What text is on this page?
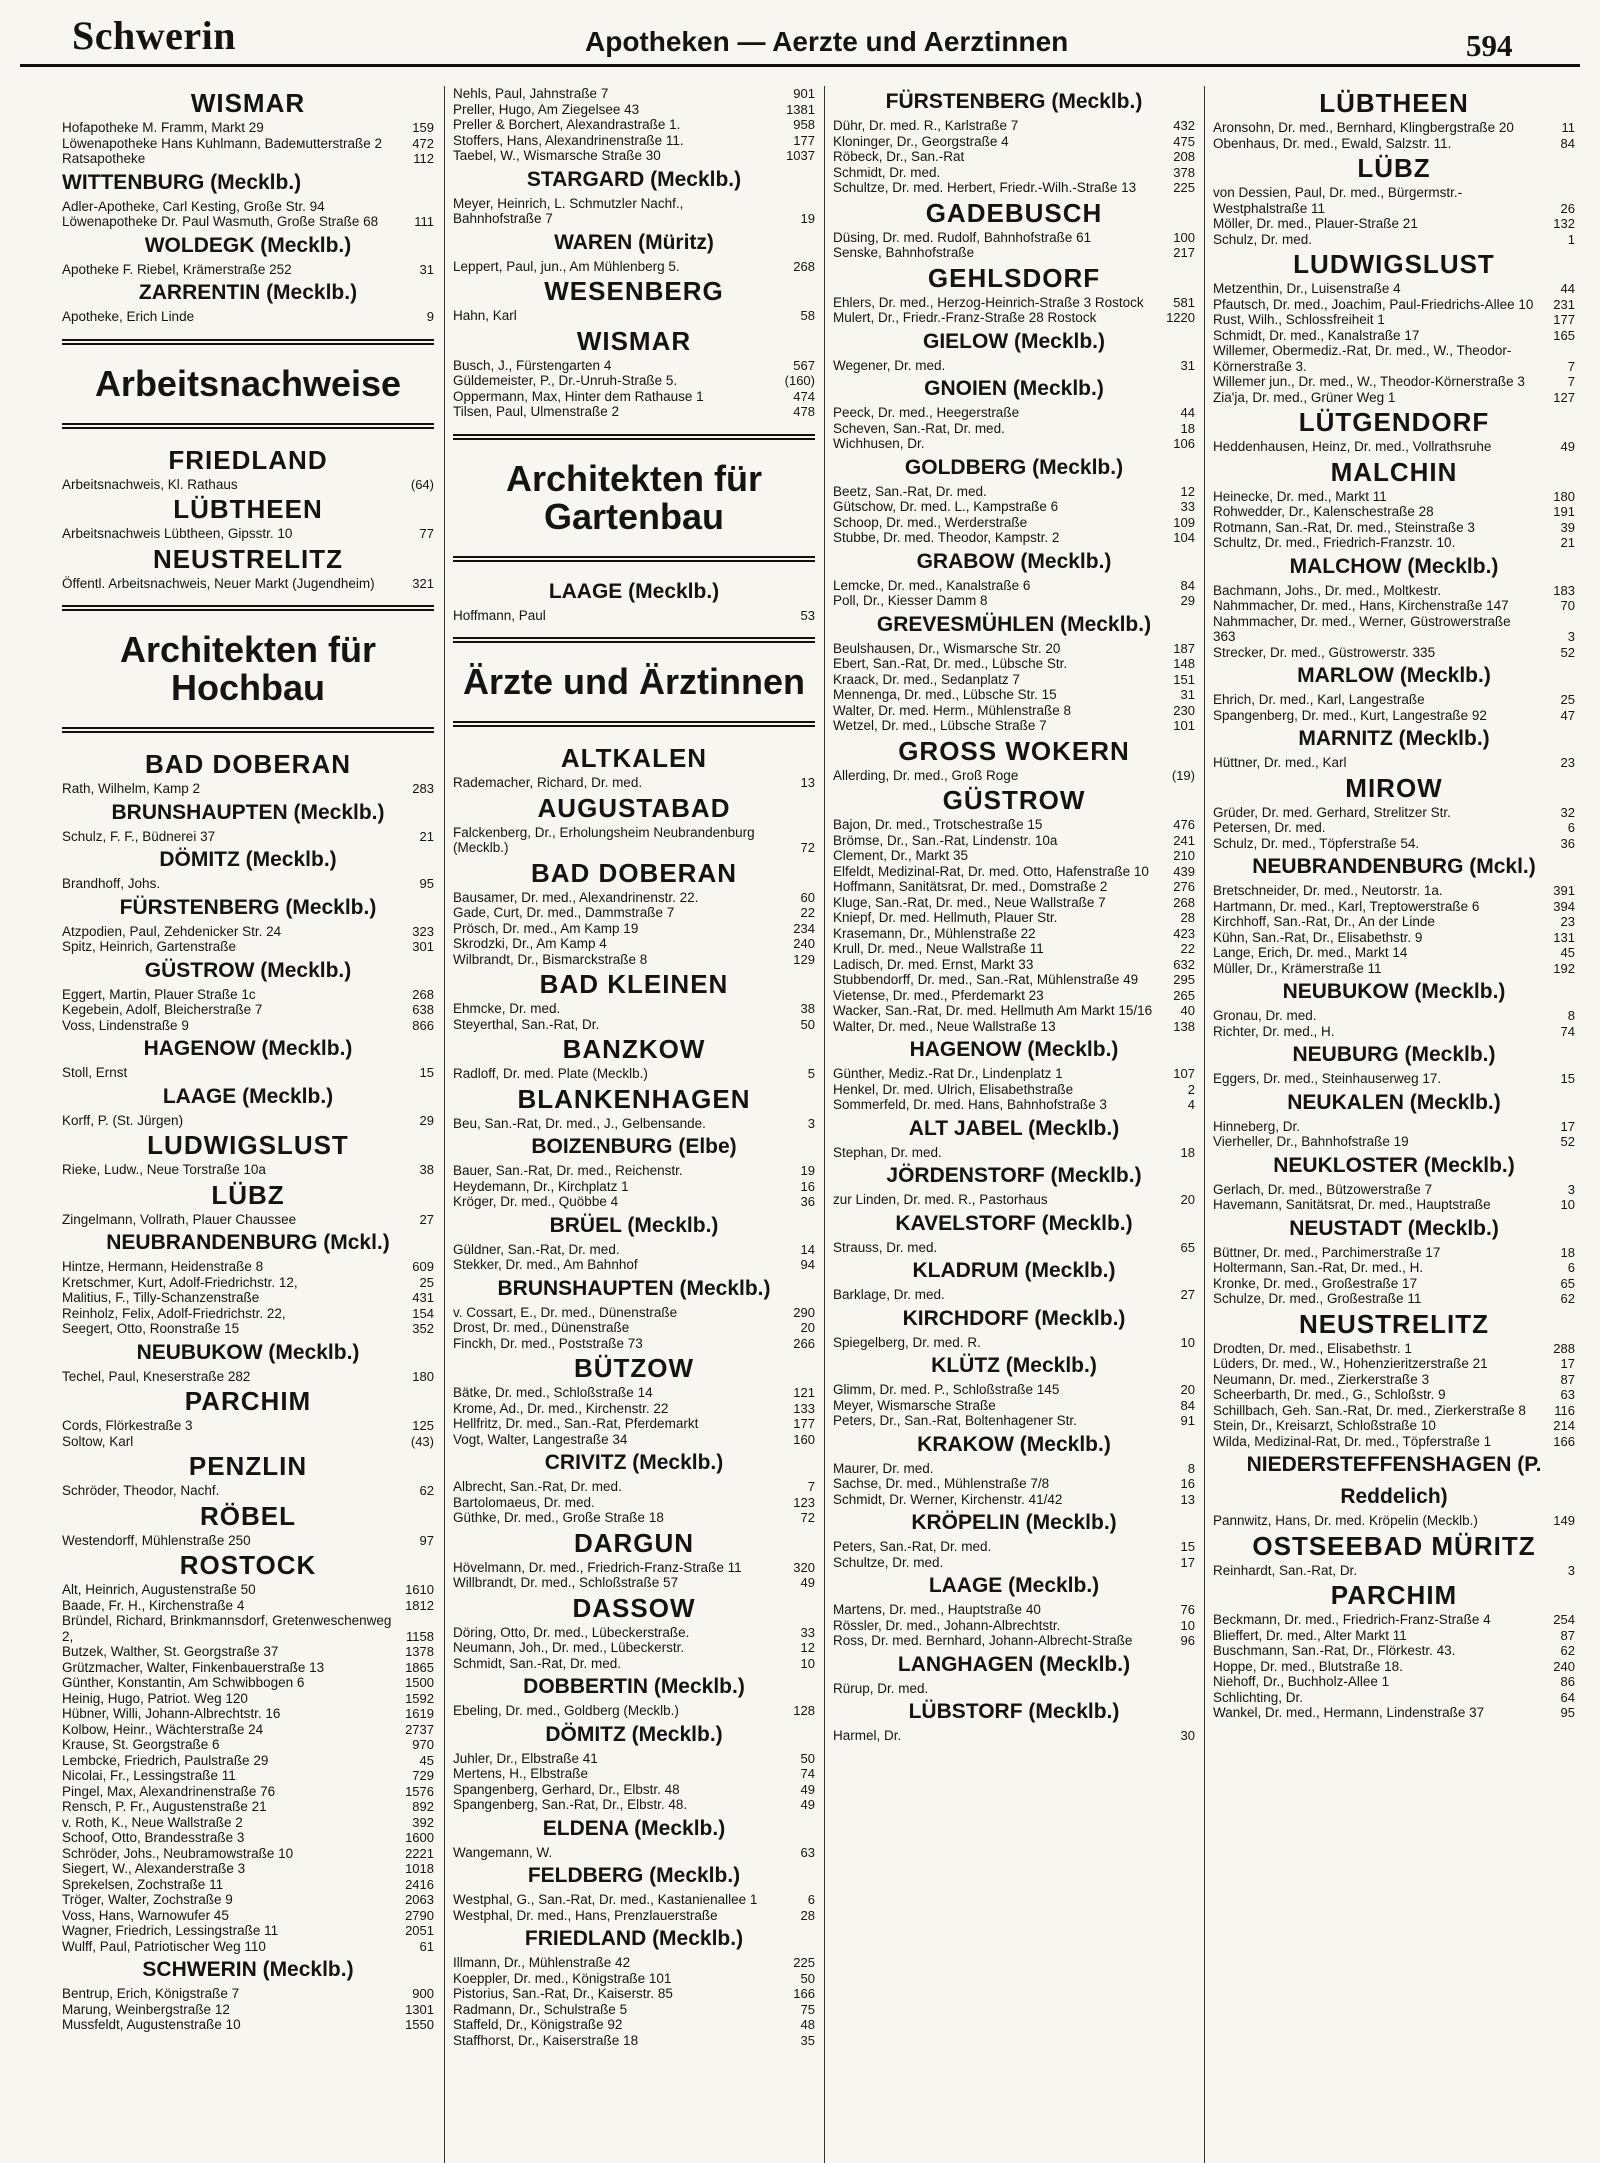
Schwerin	Apotheken — Aerzte und Aerztinnen	594
WISMAR
Hofapotheke M. Framm, Markt 29	159
Löwenapotheke Hans Kuhlmann, Badeмutterstraße 2 472
Ratsapotheke	112
WITTENBURG (Mecklb.)
Adler-Apotheke, Carl Kesting, Große Str. 94
Löwenapotheke Dr. Paul Wasmuth, Große Straße 68	111
WOLDEGK (Mecklb.)
Apotheke F. Riebel, Krämerstraße 252	31
ZARRENTIN (Mecklb.)
Apotheke, Erich Linde	9
Arbeitsnachweise
FRIEDLAND
Arbeitsnachweis, Kl. Rathaus	(64)
LÜBTHEEN
Arbeitsnachweis Lübtheen, Gipsstr. 10	77
NEUSTRELITZ
Öffentl. Arbeitsnachweis, Neuer Markt (Jugendheim)	321
Architekten für Hochbau
BAD DOBERAN
Rath, Wilhelm, Kamp 2	283
BRUNSHAUPTEN (Mecklb.)
Schulz, F. F., Büdnerei 37	21
DÖMITZ (Mecklb.)
Brandhoff, Johs.	95
FÜRSTENBERG (Mecklb.)
Atzpodien, Paul, Zehdenicker Str. 24	323
Spitz, Heinrich, Gartenstraße	301
GÜSTROW (Mecklb.)
Eggert, Martin, Plauer Straße 1c	268
Kegebein, Adolf, Bleicherstraße 7	638
Voss, Lindenstraße 9	866
HAGENOW (Mecklb.)
Stoll, Ernst	15
LAAGE (Mecklb.)
Korff, P. (St. Jürgen)	29
LUDWIGSLUST
Rieke, Ludw., Neue Torstraße 10a	38
LÜBZ
Zingelmann, Vollrath, Plauer Chaussee	27
NEUBRANDENBURG (Mckl.)
Hintze, Hermann, Heidenstraße 8	609
Kretschmer, Kurt, Adolf-Friedrichstr. 12,	25
Malitius, F., Tilly-Schanzenstraße	431
Reinholz, Felix, Adolf-Friedrichstr. 22,	154
Seegert, Otto, Roonstraße 15	352
NEUBUKOW (Mecklb.)
Techel, Paul, Kneserstraße 282	180
PARCHIM
Cords, Flörkestraße 3	125
Soltow, Karl	(43)
PENZLIN
Schröder, Theodor, Nachf.	62
RÖBEL
Westendorff, Mühlenstraße 250	97
ROSTOCK
Alt, Heinrich, Augustenstraße 50	1610
Baade, Fr. H., Kirchenstraße 4	1812
Bründel, Richard, Brinkmannsdorf, Gretenweschenweg 2,	1158
Butzek, Walther, St. Georgstraße 37	1378
Grützmacher, Walter, Finkenbauerstraße 13	1865
Günther, Konstantin, Am Schwibbogen 6	1500
Heinig, Hugo, Patriot. Weg 120	1592
Hübner, Willi, Johann-Albrechtstr. 16	1619
Kolbow, Heinr., Wächterstraße 24	2737
Krause, St. Georgstraße 6	970
Lembcke, Friedrich, Paulstraße 29	45
Nicolai, Fr., Lessingstraße 11	729
Pingel, Max, Alexandrinenstraße 76	1576
Rensch, P. Fr., Augustenstraße 21	892
v. Roth, K., Neue Wallstraße 2	392
Schoof, Otto, Brandesstraße 3	1600
Schröder, Johs., Neubramowstraße 10	2221
Siegert, W., Alexanderstraße 3	1018
Sprekelsen, Zochstraße 11	2416
Tröger, Walter, Zochstraße 9	2063
Voss, Hans, Warnowufer 45	2790
Wagner, Friedrich, Lessingstraße 11	2051
Wulff, Paul, Patriotischer Weg 110	61
SCHWERIN (Mecklb.)
Bentrup, Erich, Königstraße 7	900
Marung, Weinbergstraße 12	1301
Mussfeldt, Augustenstraße 10	1550
Nehls, Paul, Jahnstraße 7	901
Preller, Hugo, Am Ziegelsee 43	1381
Preller & Borchert, Alexandrastraße 1.	958
Stoffers, Hans, Alexandrinenstraße 11.	177
Taebel, W., Wismarsche Straße 30	1037
STARGARD (Mecklb.)
Meyer, Heinrich, L. Schmutzler Nachf., Bahnhofstraße 7	19
WAREN (Müritz)
Leppert, Paul, jun., Am Mühlenberg 5.	268
WESENBERG
Hahn, Karl	58
WISMAR
Busch, J., Fürstengarten 4	567
Güldemeister, P., Dr.-Unruh-Straße 5.	(160)
Oppermann, Max, Hinter dem Rathause 1	474
Tilsen, Paul, Ulmenstraße 2	478
Architekten für Gartenbau
LAAGE (Mecklb.)
Hoffmann, Paul	53
Ärzte und Ärztinnen
ALTKALEN
Rademacher, Richard, Dr. med.	13
AUGUSTABAD
Falckenberg, Dr., Erholungsheim Neubrandenburg (Mecklb.)	72
BAD DOBERAN
Bausamer, Dr. med., Alexandrinenstr. 22.	60
Gade, Curt, Dr. med., Dammstraße 7	22
Prösch, Dr. med., Am Kamp 19	234
Skrodzki, Dr., Am Kamp 4	240
Wilbrandt, Dr., Bismarckstraße 8	129
BAD KLEINEN
Ehmcke, Dr. med.	38
Steyerthal, San.-Rat, Dr.	50
BANZKOW
Radloff, Dr. med. Plate (Mecklb.)	5
BLANKENHAGEN
Beu, San.-Rat, Dr. med., J., Gelbensande.	3
BOIZENBURG (Elbe)
Bauer, San.-Rat, Dr. med., Reichenstr.	19
Heydemann, Dr., Kirchplatz 1	16
Kröger, Dr. med., Quöbbe 4	36
BRÜEL (Mecklb.)
Güldner, San.-Rat, Dr. med.	14
Stekker, Dr. med., Am Bahnhof	94
BRUNSHAUPTEN (Mecklb.)
v. Cossart, E., Dr. med., Dünenstraße	290
Drost, Dr. med., Dünenstraße	20
Finckh, Dr. med., Poststraße 73	266
BÜTZOW
Bätke, Dr. med., Schloßstraße 14	121
Krome, Ad., Dr. med., Kirchenstr. 22	133
Hellfritz, Dr. med., San.-Rat, Pferdemarkt	177
Vogt, Walter, Langestraße 34	160
CRIVITZ (Mecklb.)
Albrecht, San.-Rat, Dr. med.	7
Bartolomaeus, Dr. med.	123
Güthke, Dr. med., Große Straße 18	72
DARGUN
Hövelmann, Dr. med., Friedrich-Franz-Straße 11	320
Willbrandt, Dr. med., Schloßstraße 57	49
DASSOW
Döring, Otto, Dr. med., Lübeckerstraße.	33
Neumann, Joh., Dr. med., Lübeckerstr.	12
Schmidt, San.-Rat, Dr. med.	10
DOBBERTIN (Mecklb.)
Ebeling, Dr. med., Goldberg (Mecklb.)	128
DÖMITZ (Mecklb.)
Juhler, Dr., Elbstraße 41	50
Mertens, H., Elbstraße	74
Spangenberg, Gerhard, Dr., Elbstr. 48	49
Spangenberg, San.-Rat, Dr., Elbstr. 48.	49
ELDENA (Mecklb.)
Wangemann, W.	63
FELDBERG (Mecklb.)
Westphal, G., San.-Rat, Dr. med., Kastanienallee 1	6
Westphal, Dr. med., Hans, Prenzlauerstraße	28
FRIEDLAND (Mecklb.)
Illmann, Dr., Mühlenstraße 42	225
Koeppler, Dr. med., Königstraße 101	50
Pistorius, San.-Rat, Dr., Kaiserstr. 85	166
Radmann, Dr., Schulstraße 5	75
Staffeld, Dr., Königstraße 92	48
Staffhorst, Dr., Kaiserstraße 18	35
FÜRSTENBERG (Mecklb.)
Dühr, Dr. med. R., Karlstraße 7	432
Kloninger, Dr., Georgstraße 4	475
Röbeck, Dr., San.-Rat	208
Schmidt, Dr. med.	378
Schultze, Dr. med. Herbert, Friedr.-Wilh.-Straße 13	225
GADEBUSCH
Düsing, Dr. med. Rudolf, Bahnhofstraße 61	100
Senske, Bahnhofstraße	217
GEHLSDORF
Ehlers, Dr. med., Herzog-Heinrich-Straße 3 Rostock 581
Mulert, Dr., Friedr.-Franz-Straße 28 Rostock	1220
GIELOW (Mecklb.)
Wegener, Dr. med.	31
GNOIEN (Mecklb.)
Peeck, Dr. med., Heegerstraße	44
Scheven, San.-Rat, Dr. med.	18
Wichhusen, Dr.	106
GOLDBERG (Mecklb.)
Beetz, San.-Rat, Dr. med.	12
Gütschow, Dr. med. L., Kampstraße 6	33
Schoop, Dr. med., Werderstraße	109
Stubbe, Dr. med. Theodor, Kampstr. 2	104
GRABOW (Mecklb.)
Lemcke, Dr. med., Kanalstraße 6	84
Poll, Dr., Kiesser Damm 8	29
GREVESMÜHLEN (Mecklb.)
Beulshausen, Dr., Wismarsche Str. 20	187
Ebert, San.-Rat, Dr. med., Lübsche Str.	148
Kraack, Dr. med., Sedanplatz 7	151
Mennenga, Dr. med., Lübsche Str. 15	31
Walter, Dr. med. Herm., Mühlenstraße 8	230
Wetzel, Dr. med., Lübsche Straße 7	101
GROSS WOKERN
Allerding, Dr. med., Groß Roge	(19)
GÜSTROW
Bajon, Dr. med., Trotschestraße 15	476
Brömse, Dr., San.-Rat, Lindenstr. 10a	241
Clement, Dr., Markt 35	210
Elfeldt, Medizinal-Rat, Dr. med. Otto, Hafenstraße 10 439
Hoffmann, Sanitätsrat, Dr. med., Domstraße 2	276
Kluge, San.-Rat, Dr. med., Neue Wallstraße 7	268
Kniepf, Dr. med. Hellmuth, Plauer Str.	28
Krasemann, Dr., Mühlenstraße 22	423
Krull, Dr. med., Neue Wallstraße 11	22
Ladisch, Dr. med. Ernst, Markt 33	632
Stubbendorff, Dr. med., San.-Rat, Mühlenstraße 49	295
Vietense, Dr. med., Pferdemarkt 23	265
Wacker, San.-Rat, Dr. med. Hellmuth Am Markt 15/16 40
Walter, Dr. med., Neue Wallstraße 13	138
HAGENOW (Mecklb.)
Günther, Mediz.-Rat Dr., Lindenplatz 1	107
Henkel, Dr. med. Ulrich, Elisabethstraße	2
Sommerfeld, Dr. med. Hans, Bahnhofstraße 3	4
ALT JABEL (Mecklb.)
Stephan, Dr. med.	18
JÖRDENSTORF (Mecklb.)
zur Linden, Dr. med. R., Pastorhaus	20
KAVELSTORF (Mecklb.)
Strauss, Dr. med.	65
KLADRUM (Mecklb.)
Barklage, Dr. med.	27
KIRCHDORF (Mecklb.)
Spiegelberg, Dr. med. R.	10
KLÜTZ (Mecklb.)
Glimm, Dr. med. P., Schloßstraße 145	20
Meyer, Wismarsche Straße	84
Peters, Dr., San.-Rat, Boltenhagener Str.	91
KRAKOW (Mecklb.)
Maurer, Dr. med.	8
Sachse, Dr. med., Mühlenstraße 7/8	16
Schmidt, Dr. Werner, Kirchenstr. 41/42	13
KRÖPELIN (Mecklb.)
Peters, San.-Rat, Dr. med.	15
Schultze, Dr. med.	17
LAAGE (Mecklb.)
Martens, Dr. med., Hauptstraße 40	76
Rössler, Dr. med., Johann-Albrechtstr.	10
Ross, Dr. med. Bernhard, Johann-Albrecht-Straße	96
LANGHAGEN (Mecklb.)
Rürup, Dr. med.
LÜBSTORF (Mecklb.)
Harmel, Dr.	30
LÜBTHEEN
Aronsohn, Dr. med., Bernhard, Klingbergstraße 20	11
Obenhaus, Dr. med., Ewald, Salzstr. 11.	84
LÜBZ
von Dessien, Paul, Dr. med., Bürgermstr.-Westphalstraße 11	26
Möller, Dr. med., Plauer-Straße 21	132
Schulz, Dr. med.	1
LUDWIGSLUST
Metzenthin, Dr., Luisenstraße 4	44
Pfautsch, Dr. med., Joachim, Paul-Friedrichs-Allee 10 231
Rust, Wilh., Schlossfreiheit 1	177
Schmidt, Dr. med., Kanalstraße 17	165
Willemer, Obermediz.-Rat, Dr. med., W., Theodor-Körnerstraße 3.	7
Willemer jun., Dr. med., W., Theodor-Körnerstraße 3	7
Zia'ja, Dr. med., Grüner Weg 1	127
LÜTGENDORF
Heddenhausen, Heinz, Dr. med., Vollrathsruhe	49
MALCHIN
Heinecke, Dr. med., Markt 11	180
Rohwedder, Dr., Kalenschestraße 28	191
Rotmann, San.-Rat, Dr. med., Steinstraße 3	39
Schultz, Dr. med., Friedrich-Franzstr. 10.	21
MALCHOW (Mecklb.)
Bachmann, Johs., Dr. med., Moltkestr.	183
Nahmmacher, Dr. med., Hans, Kirchenstraße 147	70
Nahmmacher, Dr. med., Werner, Güstrowerstraße 363	3
Strecker, Dr. med., Güstrowerstr. 335	52
MARLOW (Mecklb.)
Ehrich, Dr. med., Karl, Langestraße	25
Spangenberg, Dr. med., Kurt, Langestraße 92	47
MARNITZ (Mecklb.)
Hüttner, Dr. med., Karl	23
MIROW
Grüder, Dr. med. Gerhard, Strelitzer Str.	32
Petersen, Dr. med.	6
Schulz, Dr. med., Töpferstraße 54.	36
NEUBRANDENBURG (Mckl.)
Bretschneider, Dr. med., Neutorstr. 1a.	391
Hartmann, Dr. med., Karl, Treptowerstraße 6	394
Kirchhoff, San.-Rat, Dr., An der Linde	23
Kühn, San.-Rat, Dr., Elisabethstr. 9	131
Lange, Erich, Dr. med., Markt 14	45
Müller, Dr., Krämerstraße 11	192
NEUBUKOW (Mecklb.)
Gronau, Dr. med.	8
Richter, Dr. med., H.	74
NEUBURG (Mecklb.)
Eggers, Dr. med., Steinhauserweg 17.	15
NEUKALEN (Mecklb.)
Hinneberg, Dr.	17
Vierheller, Dr., Bahnhofstraße 19	52
NEUKLOSTER (Mecklb.)
Gerlach, Dr. med., Bützowerstraße 7	3
Havemann, Sanitätsrat, Dr. med., Hauptstraße	10
NEUSTADT (Mecklb.)
Büttner, Dr. med., Parchimerstraße 17	18
Holtermann, San.-Rat, Dr. med., H.	6
Kronke, Dr. med., Großestraße 17	65
Schulze, Dr. med., Großestraße 11	62
NEUSTRELITZ
Drodten, Dr. med., Elisabethstr. 1	288
Lüders, Dr. med., W., Hohenzieritzerstraße 21	17
Neumann, Dr. med., Zierkerstraße 3	87
Scheerbarth, Dr. med., G., Schloßstr. 9	63
Schillbach, Geh. San.-Rat, Dr. med., Zierkerstraße 8 116
Stein, Dr., Kreisarzt, Schloßstraße 10	214
Wilda, Medizinal-Rat, Dr. med., Töpferstraße 1	166
NIEDERSTEFFENSHAGEN (P. Reddelich)
Pannwitz, Hans, Dr. med. Kröpelin (Mecklb.)	149
OSTSEEBAD MÜRITZ
Reinhardt, San.-Rat, Dr.	3
PARCHIM
Beckmann, Dr. med., Friedrich-Franz-Straße 4	254
Blieffert, Dr. med., Alter Markt 11	87
Buschmann, San.-Rat, Dr., Flörkestr. 43.	62
Hoppe, Dr. med., Blutstraße 18.	240
Niehoff, Dr., Buchholz-Allee 1	86
Schlichting, Dr.	64
Wankel, Dr. med., Hermann, Lindenstraße 37	95
